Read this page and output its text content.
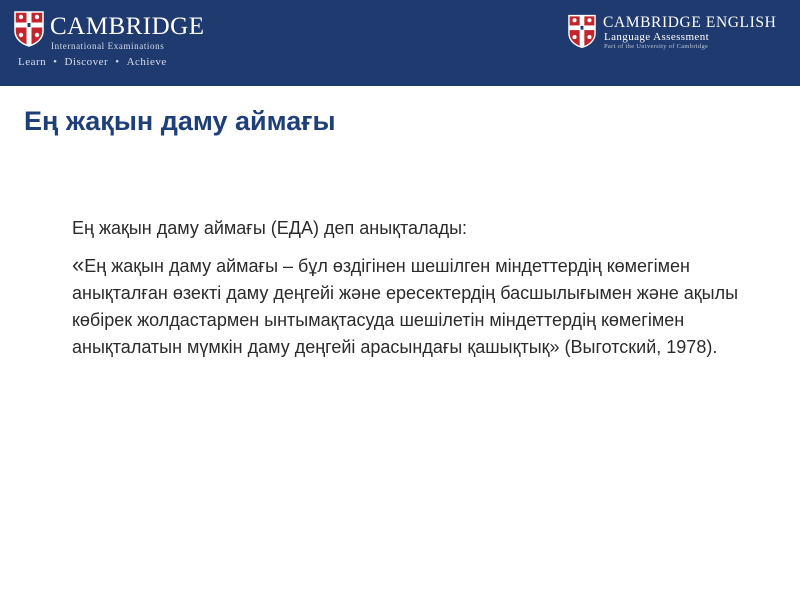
CAMBRIDGE
International Examinations
Learn • Discover • Achieve
CAMBRIDGE ENGLISH
Language Assessment
Part of the University of Cambridge
Ең жақын даму аймағы

Ең жақын даму аймағы (ЕДА) деп анықталады:

«Ең жақын даму аймағы – бұл өздігінен шешілген міндеттердің көмегімен анықталған өзекті даму деңгейі және ересектердің басшылығымен және ақылы көбірек жолдастармен ынтымақтасуда шешілетін міндеттердің көмегімен анықталатын мүмкін даму деңгейі арасындағы қашықтық» (Выготский, 1978).
